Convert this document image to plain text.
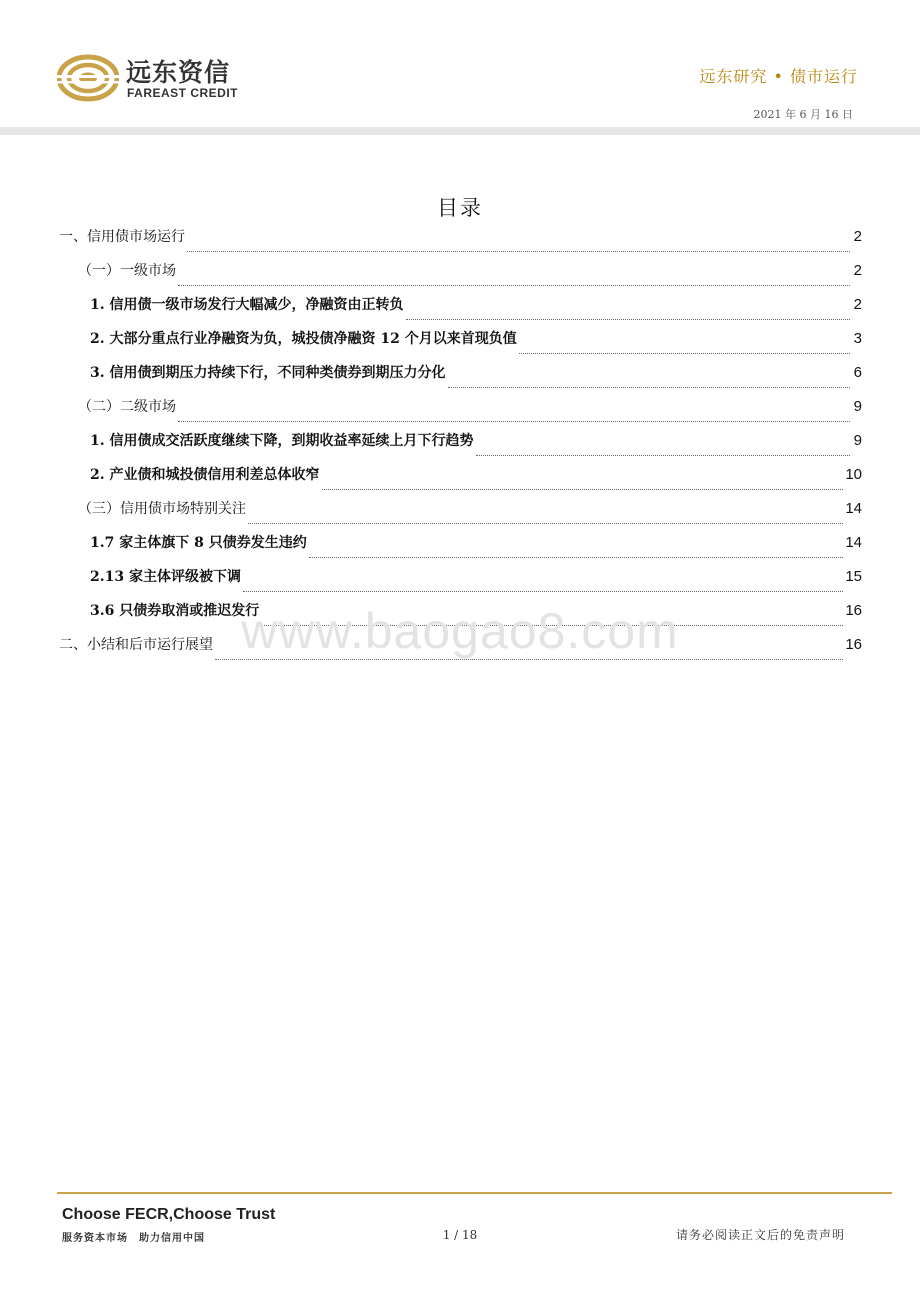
远东资信
FAREAST CREDIT
远东研究 • 债市运行
2021 年 6 月 16 日
目录
一、信用债市场运行	2
（一）一级市场	2
1. 信用债一级市场发行大幅减少，净融资由正转负	2
2. 大部分重点行业净融资为负，城投债净融资 12 个月以来首现负值	3
3. 信用债到期压力持续下行，不同种类债券到期压力分化	6
（二）二级市场	9
1. 信用债成交活跃度继续下降，到期收益率延续上月下行趋势	9
2. 产业债和城投债信用利差总体收窄	10
（三）信用债市场特别关注	14
1.7 家主体旗下 8 只债券发生违约	14
2.13 家主体评级被下调	15
3.6 只债券取消或推迟发行	16
二、小结和后市运行展望	16
www.baogao8.com
Choose FECR,Choose Trust
服务资本市场　助力信用中国	1 / 18	请务必阅读正文后的免责声明
